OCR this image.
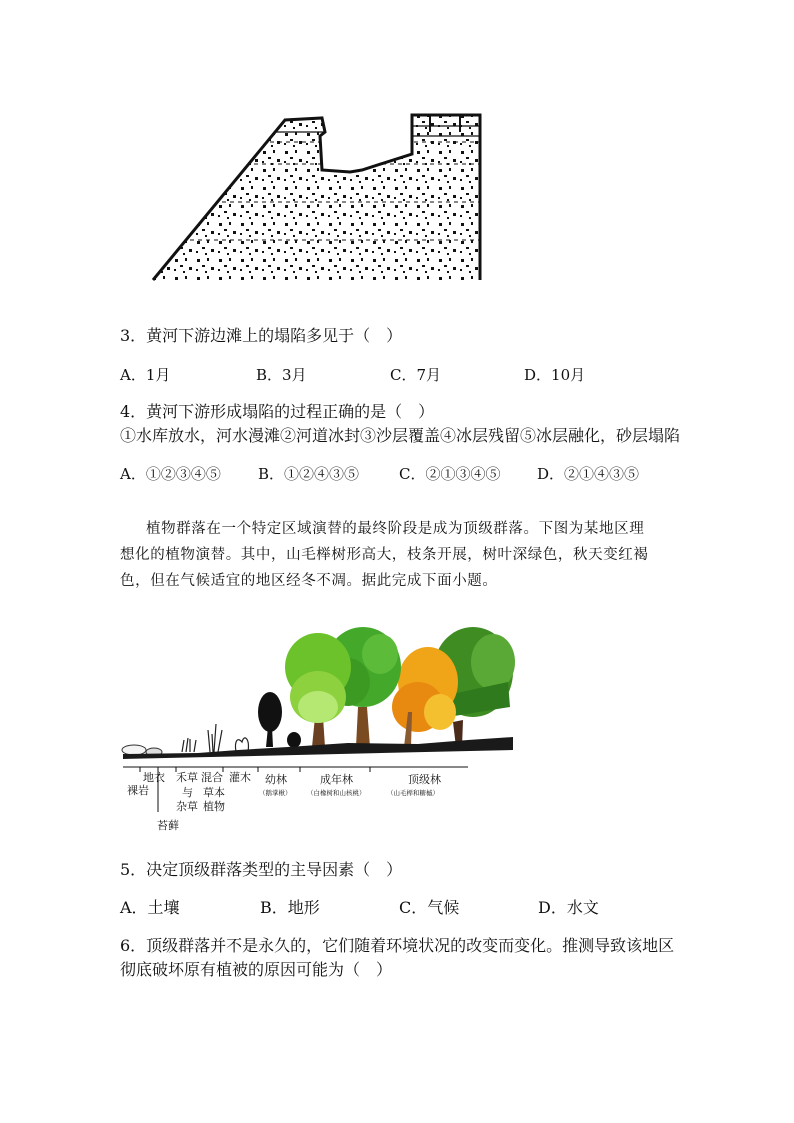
3．黄河下游边滩上的塌陷多见于（　）
A．1月	B．3月	C．7月	D．10月
4．黄河下游形成塌陷的过程正确的是（　）
①水库放水，河水漫滩②河道冰封③沙层覆盖④冰层残留⑤冰层融化，砂层塌陷
A．①②③④⑤ B．①②④③⑤	C．②①③④⑤ D．②①④③⑤
植物群落在一个特定区域演替的最终阶段是成为顶级群落。下图为某地区理
想化的植物演替。其中，山毛榉树形高大，枝条开展，树叶深绿色，秋天变红褐
色，但在气候适宜的地区经冬不凋。据此完成下面小题。
裸岩
地衣
苔藓
禾草
与
杂草
混合
草本
植物
灌木 幼林
（鹅掌楸）
成年林
（白橡树和山核桃）
顶级林
（山毛榉和糖槭）
5．决定顶级群落类型的主导因素（　）
A．土壤	B．地形	C．气候	D．水文
6．顶级群落并不是永久的，它们随着环境状况的改变而变化。推测导致该地区
彻底破坏原有植被的原因可能为（　）
